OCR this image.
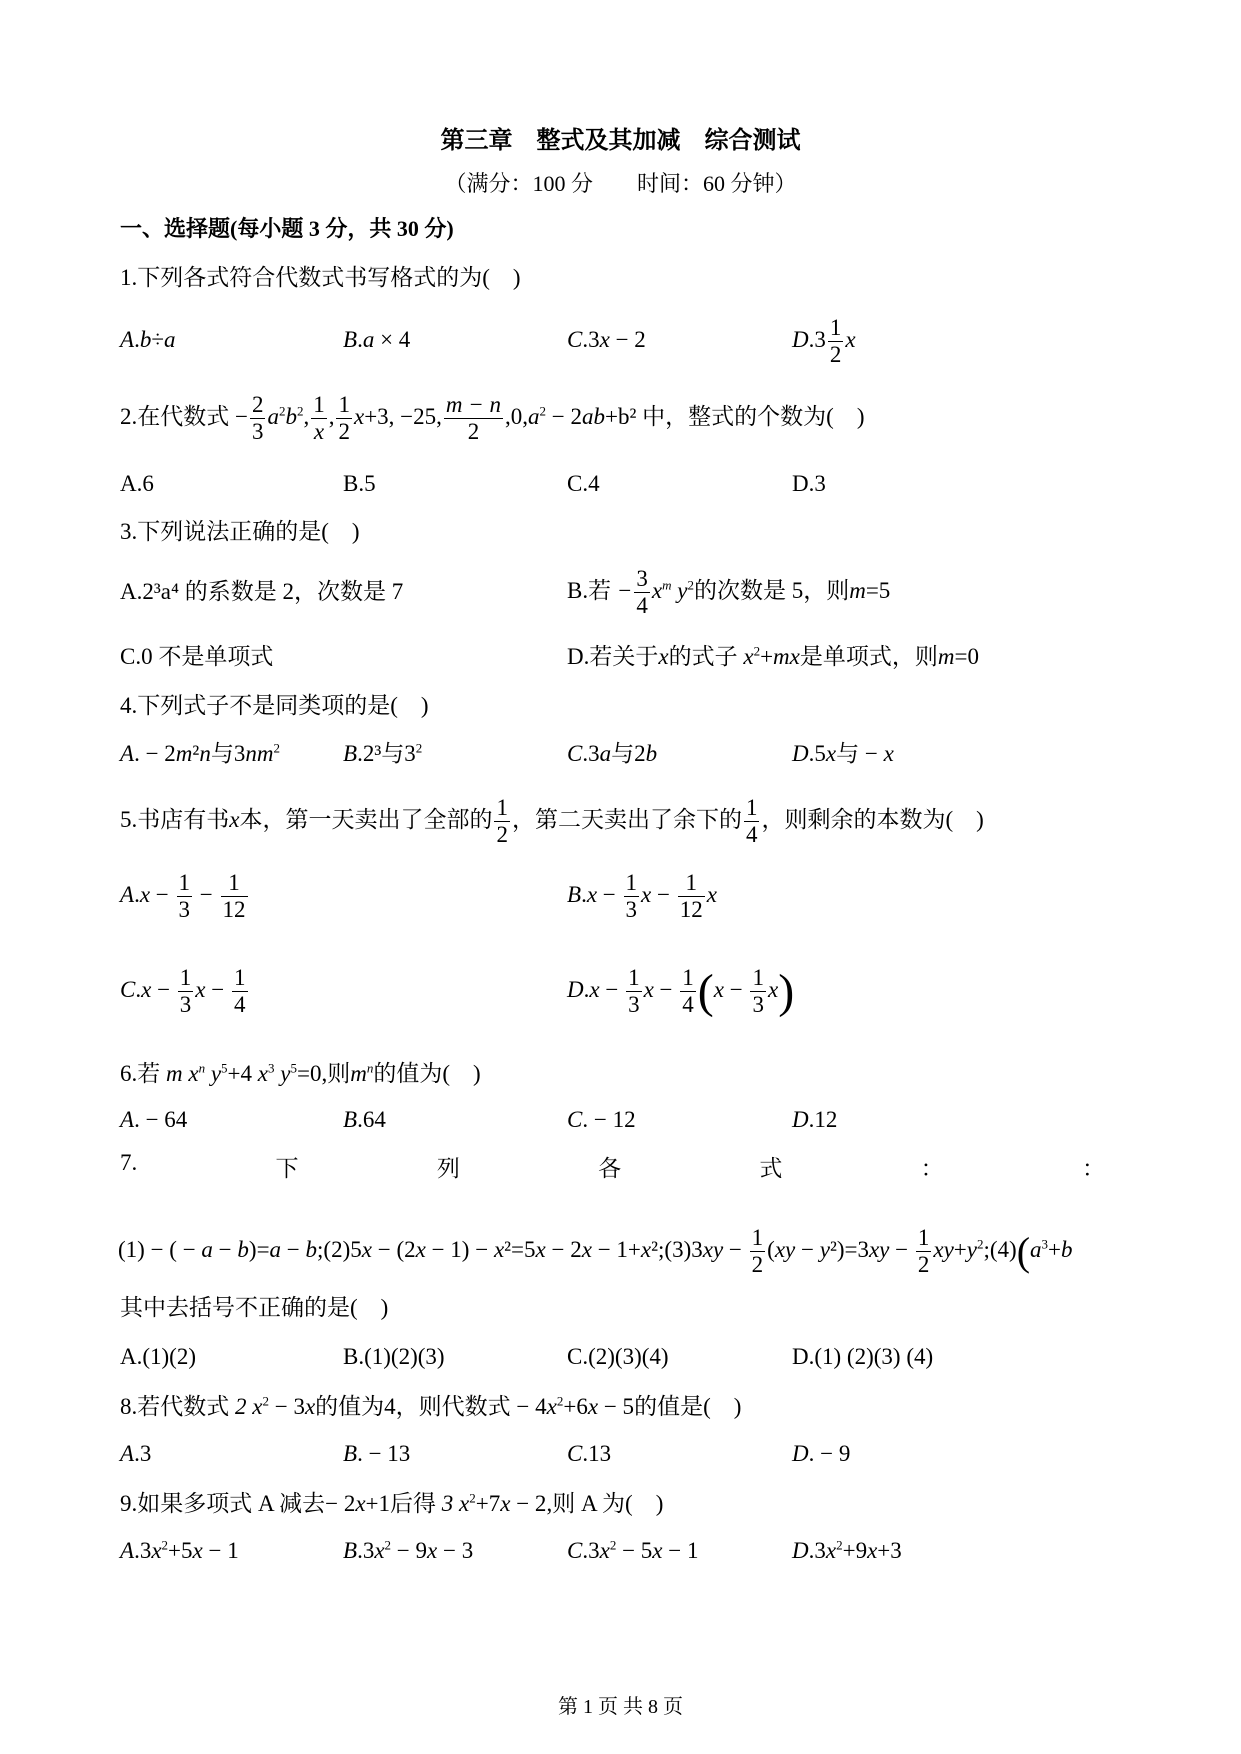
第三章　整式及其加减　综合测试
（满分：100 分　　时间：60 分钟）
一、选择题(每小题 3 分，共 30 分)
1.下列各式符合代数式书写格式的为(　)
A.b÷a	B.a × 4	C.3x − 2	$D.3 \frac{1}{2}$ x
2.在代数式 − $\frac{2}{3} a^2b^2$, $\frac{1}{x}$ , $\frac{1}{2} x+3$, −25, $\frac{m - n}{2} ,0,a^2 - 2ab+b^2$ 中，整式的个数为(　)
A.6	B.5	C.4	D.3
3.下列说法正确的是(　)
A.2³a⁴ 的系数是 2，次数是 7	B.若 − $\frac{3}{4} x^m$ $y^2$的次数是 5，则m=5
C.0 不是单项式	D.若关于x的式子 $x^2+mx$是单项式，则m=0
4.下列式子不是同类项的是(　)
A. − 2m²n与$3nm^2$	B.2³与$3^2$	C.3a与2b	D.5x与 − x
5.书店有书x本，第一天卖出了全部的 $\frac{1}{2}$ ，第二天卖出了余下的 $\frac{1}{4}$ ，则剩余的本数为(　)
$A.x - \frac{1}{3} - \frac{1}{12}$	$B.x - \frac{1}{3}$ $x - \frac{1}{12}$ x
$C.x - \frac{1}{3}$ $x - \frac{1}{4}$	$D.x - \frac{1}{3}$ $x - \frac{1}{4} (x - \frac{1}{3} x)$
6.若 m $x^n$ $y^5+4$ $x^3$ $y^5=0$,则$m^n$的值为(　)
A. − 64	B.64	C. − 12	D.12
7.	下	列	各	式	：	：
(1) − ( − a − b)=a − b;(2)5x − (2x − 1) − x²=5x − 2x − 1+x²;(3)3xy − $\frac{1}{2} (xy - y^2)=3xy - \frac{1}{2}$ $xy+y^2;(4)(a^3+b$
其中去括号不正确的是(　)
A.(1)(2)	B.(1)(2)(3)	C.(2)(3)(4)	D.(1) (2)(3) (4)
8.若代数式 2 $x^2 - 3x$的值为4，则代数式 − $4x^2+6x - 5$的值是(　)
A.3	B. − 13	C.13	D. − 9
9.如果多项式 A 减去− 2x+1后得 3 $x^2+7x - 2$,则 A 为(　)
$A.3x^2+5x - 1$	$B.3x^2 - 9x - 3$	$C.3x^2 - 5x - 1$	$D.3x^2+9x+3$
第 1 页 共 8 页
